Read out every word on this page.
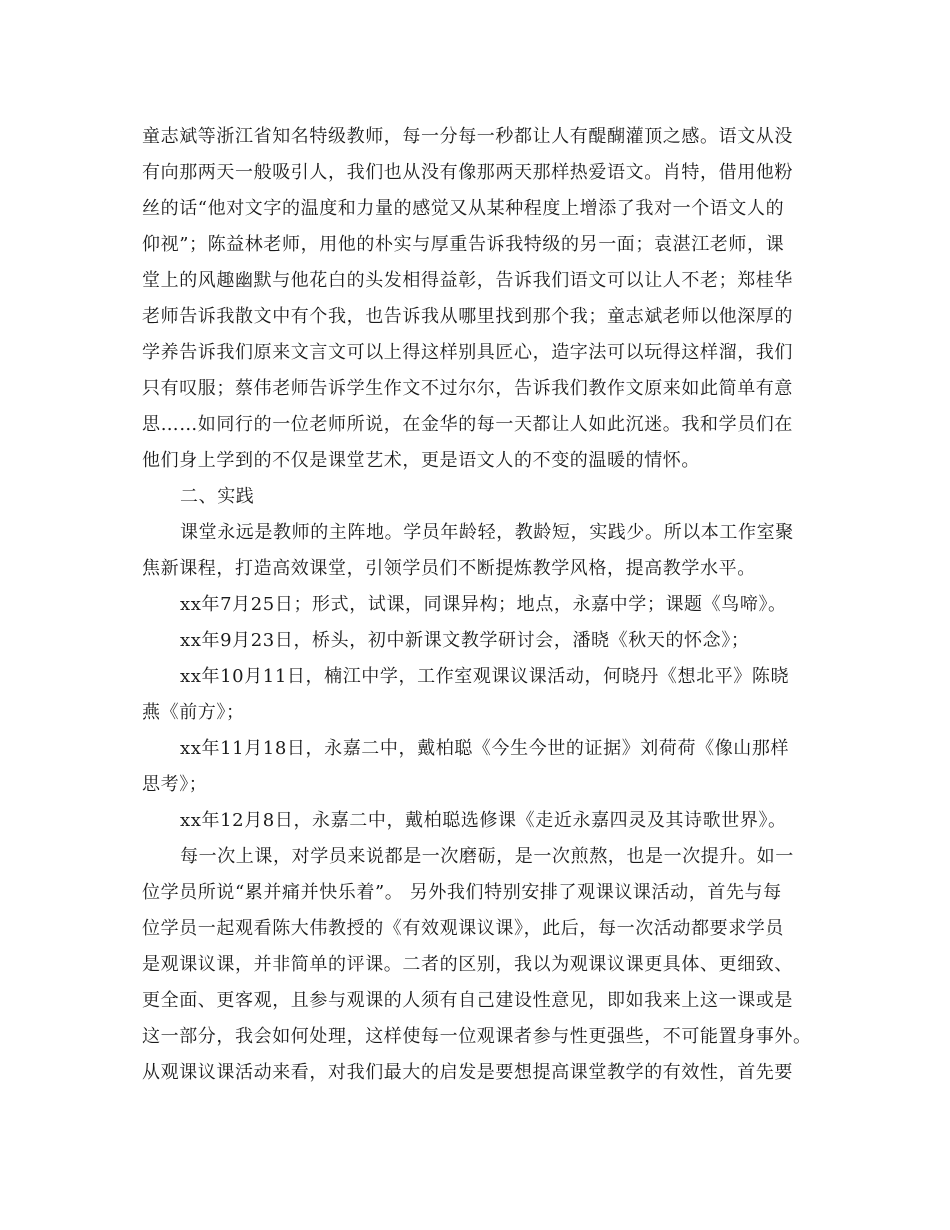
童志斌等浙江省知名特级教师，每一分每一秒都让人有醍醐灌顶之感。语文从没
有向那两天一般吸引人，我们也从没有像那两天那样热爱语文。肖特，借用他粉
丝的话“他对文字的温度和力量的感觉又从某种程度上增添了我对一个语文人的
仰视”；陈益林老师，用他的朴实与厚重告诉我特级的另一面；袁湛江老师，课
堂上的风趣幽默与他花白的头发相得益彰，告诉我们语文可以让人不老；郑桂华
老师告诉我散文中有个我，也告诉我从哪里找到那个我；童志斌老师以他深厚的
学养告诉我们原来文言文可以上得这样别具匠心，造字法可以玩得这样溜，我们
只有叹服；蔡伟老师告诉学生作文不过尔尔，告诉我们教作文原来如此简单有意
思……如同行的一位老师所说，在金华的每一天都让人如此沉迷。我和学员们在
他们身上学到的不仅是课堂艺术，更是语文人的不变的温暖的情怀。
二、实践
课堂永远是教师的主阵地。学员年龄轻，教龄短，实践少。所以本工作室聚
焦新课程，打造高效课堂，引领学员们不断提炼教学风格，提高教学水平。
xx年7月25日；形式，试课，同课异构；地点，永嘉中学；课题《鸟啼》。
xx年9月23日，桥头，初中新课文教学研讨会，潘晓《秋天的怀念》；
xx年10月11日，楠江中学，工作室观课议课活动，何晓丹《想北平》陈晓
燕《前方》；
xx年11月18日，永嘉二中，戴柏聪《今生今世的证据》刘荷荷《像山那样
思考》；
xx年12月8日，永嘉二中，戴柏聪选修课《走近永嘉四灵及其诗歌世界》。
每一次上课，对学员来说都是一次磨砺，是一次煎熬，也是一次提升。如一
位学员所说“累并痛并快乐着”。 另外我们特别安排了观课议课活动，首先与每
位学员一起观看陈大伟教授的《有效观课议课》，此后，每一次活动都要求学员
是观课议课，并非简单的评课。二者的区别，我以为观课议课更具体、更细致、
更全面、更客观，且参与观课的人须有自己建设性意见，即如我来上这一课或是
这一部分，我会如何处理，这样使每一位观课者参与性更强些，不可能置身事外。
从观课议课活动来看，对我们最大的启发是要想提高课堂教学的有效性，首先要
